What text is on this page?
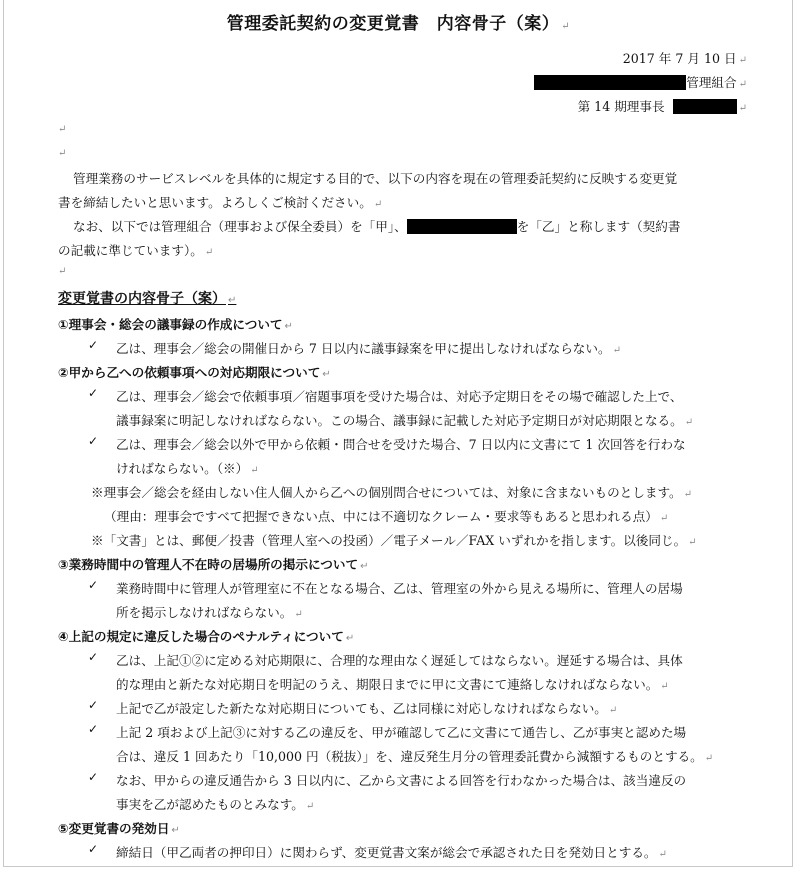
管理委託契約の変更覚書　内容骨子（案） ↵
2017 年 7 月 10 日 ↵
管理組合 ↵
第 14 期理事長	↵
↵
↵
管理業務のサービスレベルを具体的に規定する目的で、以下の内容を現在の管理委託契約に反映する変更覚
書を締結したいと思います。よろしくご検討ください。 ↵
なお、以下では管理組合（理事および保全委員）を「甲」、	を「乙」と称します（契約書
の記載に準じています）。 ↵
↵
変更覚書の内容骨子（案） ↵
①理事会・総会の議事録の作成について ↵
✓ 乙は、理事会／総会の開催日から 7 日以内に議事録案を甲に提出しなければならない。 ↵
②甲から乙への依頼事項への対応期限について ↵
✓ 乙は、理事会／総会で依頼事項／宿題事項を受けた場合は、対応予定期日をその場で確認した上で、
議事録案に明記しなければならない。この場合、議事録に記載した対応予定期日が対応期限となる。 ↵
✓ 乙は、理事会／総会以外で甲から依頼・問合せを受けた場合、7 日以内に文書にて 1 次回答を行わな
ければならない。（※） ↵
※理事会／総会を経由しない住人個人から乙への個別問合せについては、対象に含まないものとします。 ↵
（理由：理事会ですべて把握できない点、中には不適切なクレーム・要求等もあると思われる点） ↵
※「文書」とは、郵便／投書（管理人室への投函）／電子メール／FAX いずれかを指します。以後同じ。 ↵
③業務時間中の管理人不在時の居場所の掲示について ↵
✓ 業務時間中に管理人が管理室に不在となる場合、乙は、管理室の外から見える場所に、管理人の居場
所を掲示しなければならない。 ↵
④上記の規定に違反した場合のペナルティについて ↵
✓ 乙は、上記①②に定める対応期限に、合理的な理由なく遅延してはならない。遅延する場合は、具体
的な理由と新たな対応期日を明記のうえ、期限日までに甲に文書にて連絡しなければならない。 ↵
✓ 上記で乙が設定した新たな対応期日についても、乙は同様に対応しなければならない。 ↵
✓ 上記 2 項および上記③に対する乙の違反を、甲が確認して乙に文書にて通告し、乙が事実と認めた場
合は、違反 1 回あたり「10,000 円（税抜）」を、違反発生月分の管理委託費から減額するものとする。 ↵
✓ なお、甲からの違反通告から 3 日以内に、乙から文書による回答を行わなかった場合は、該当違反の
事実を乙が認めたものとみなす。 ↵
⑤変更覚書の発効日 ↵
✓ 締結日（甲乙両者の押印日）に関わらず、変更覚書文案が総会で承認された日を発効日とする。 ↵
